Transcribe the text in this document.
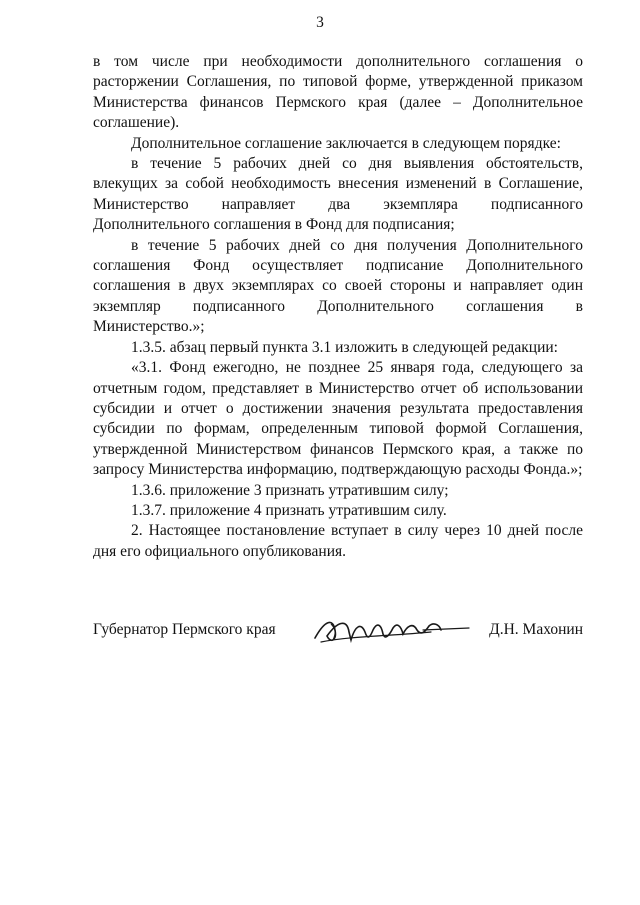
3

в том числе при необходимости дополнительного соглашения о расторжении Соглашения, по типовой форме, утвержденной приказом Министерства финансов Пермского края (далее – Дополнительное соглашение).

Дополнительное соглашение заключается в следующем порядке:

в течение 5 рабочих дней со дня выявления обстоятельств, влекущих за собой необходимость внесения изменений в Соглашение, Министерство направляет два экземпляра подписанного Дополнительного соглашения в Фонд для подписания;

в течение 5 рабочих дней со дня получения Дополнительного соглашения Фонд осуществляет подписание Дополнительного соглашения в двух экземплярах со своей стороны и направляет один экземпляр подписанного Дополнительного соглашения в Министерство.»;

1.3.5. абзац первый пункта 3.1 изложить в следующей редакции:

«3.1. Фонд ежегодно, не позднее 25 января года, следующего за отчетным годом, представляет в Министерство отчет об использовании субсидии и отчет о достижении значения результата предоставления субсидии по формам, определенным типовой формой Соглашения, утвержденной Министерством финансов Пермского края, а также по запросу Министерства информацию, подтверждающую расходы Фонда.»;

1.3.6. приложение 3 признать утратившим силу;

1.3.7. приложение 4 признать утратившим силу.

2. Настоящее постановление вступает в силу через 10 дней после дня его официального опубликования.

Губернатор Пермского края	Д.Н. Махонин
